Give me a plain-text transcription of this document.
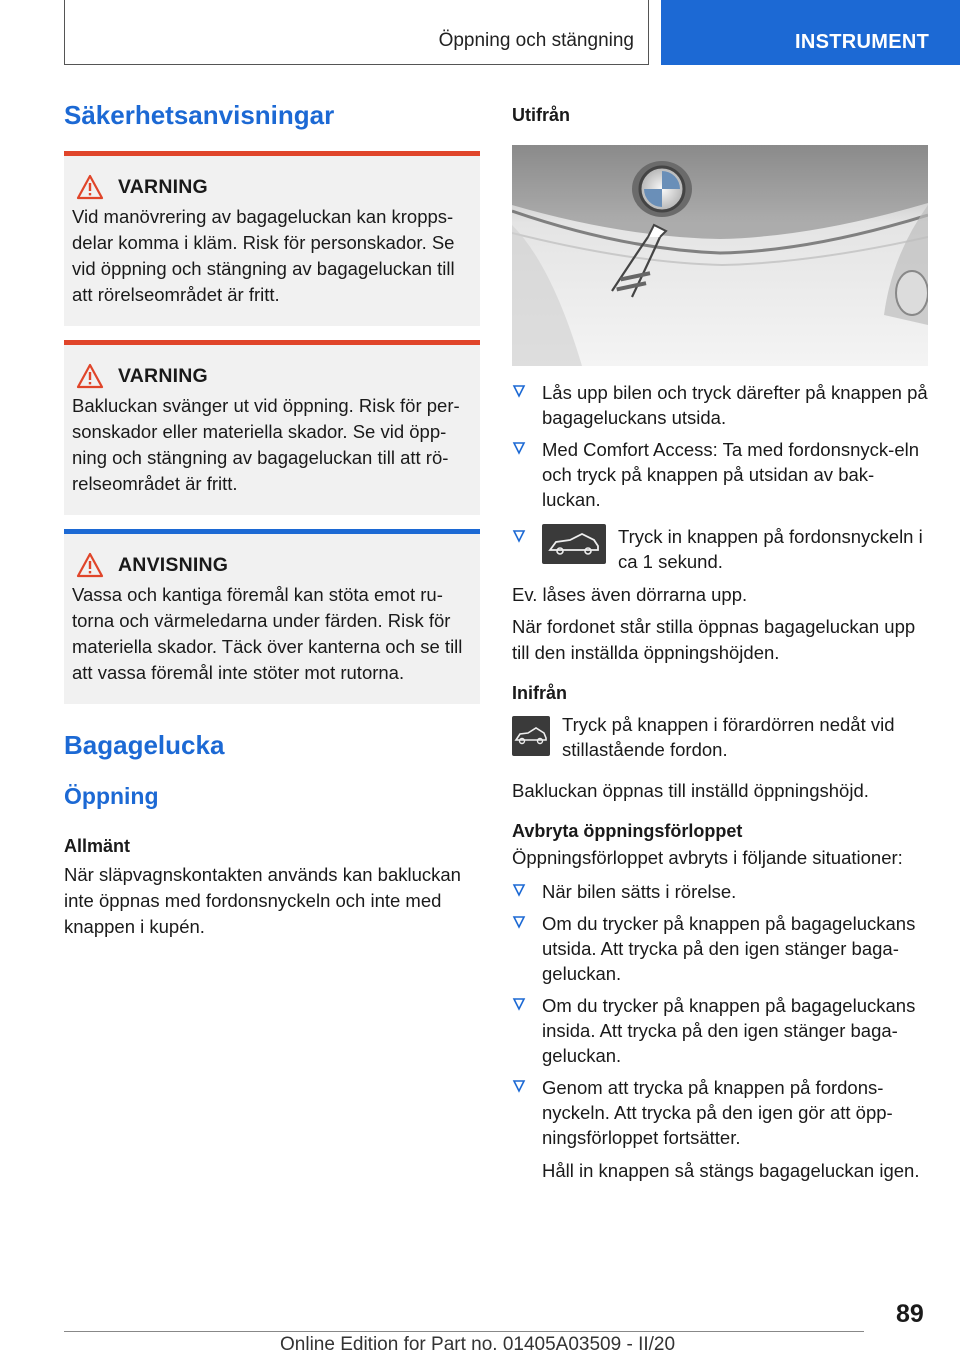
Öppning och stängning	INSTRUMENT
Säkerhetsanvisningar
VARNING

Vid manövrering av bagageluckan kan kropps-delar komma i kläm. Risk för personskador. Se vid öppning och stängning av bagageluckan till att rörelseområdet är fritt.

VARNING

Bakluckan svänger ut vid öppning. Risk för per-sonskador eller materiella skador. Se vid öpp-ning och stängning av bagageluckan till att rö-relseområdet är fritt.

ANVISNING

Vassa och kantiga föremål kan stöta emot ru-torna och värmeledarna under färden. Risk för materiella skador. Täck över kanterna och se till att vassa föremål inte stöter mot rutorna.

Bagagelucka
Öppning
Allmänt

När släpvagnskontakten används kan bakluckan inte öppnas med fordonsnyckeln och inte med knappen i kupén.

Utifrån
Lås upp bilen och tryck därefter på knappen på bagageluckans utsida.
Med Comfort Access: Ta med fordonsnyck-eln och tryck på knappen på utsidan av bak-luckan.

Tryck in knappen på fordonsnyckeln i ca 1 sekund.

Ev. låses även dörrarna upp.

När fordonet står stilla öppnas bagageluckan upp till den inställda öppningshöjden.

Inifrån

Tryck på knappen i förardörren nedåt vid stillastående fordon.

Bakluckan öppnas till inställd öppningshöjd.

Avbryta öppningsförloppet

Öppningsförloppet avbryts i följande situationer:

När bilen sätts i rörelse.
Om du trycker på knappen på bagageluckans utsida. Att trycka på den igen stänger baga-geluckan.
Om du trycker på knappen på bagageluckans insida. Att trycka på den igen stänger baga-geluckan.
Genom att trycka på knappen på fordons-nyckeln. Att trycka på den igen gör att öpp-ningsförloppet fortsätter.
Håll in knappen så stängs bagageluckan igen.
89
Online Edition for Part no. 01405A03509 - II/20
